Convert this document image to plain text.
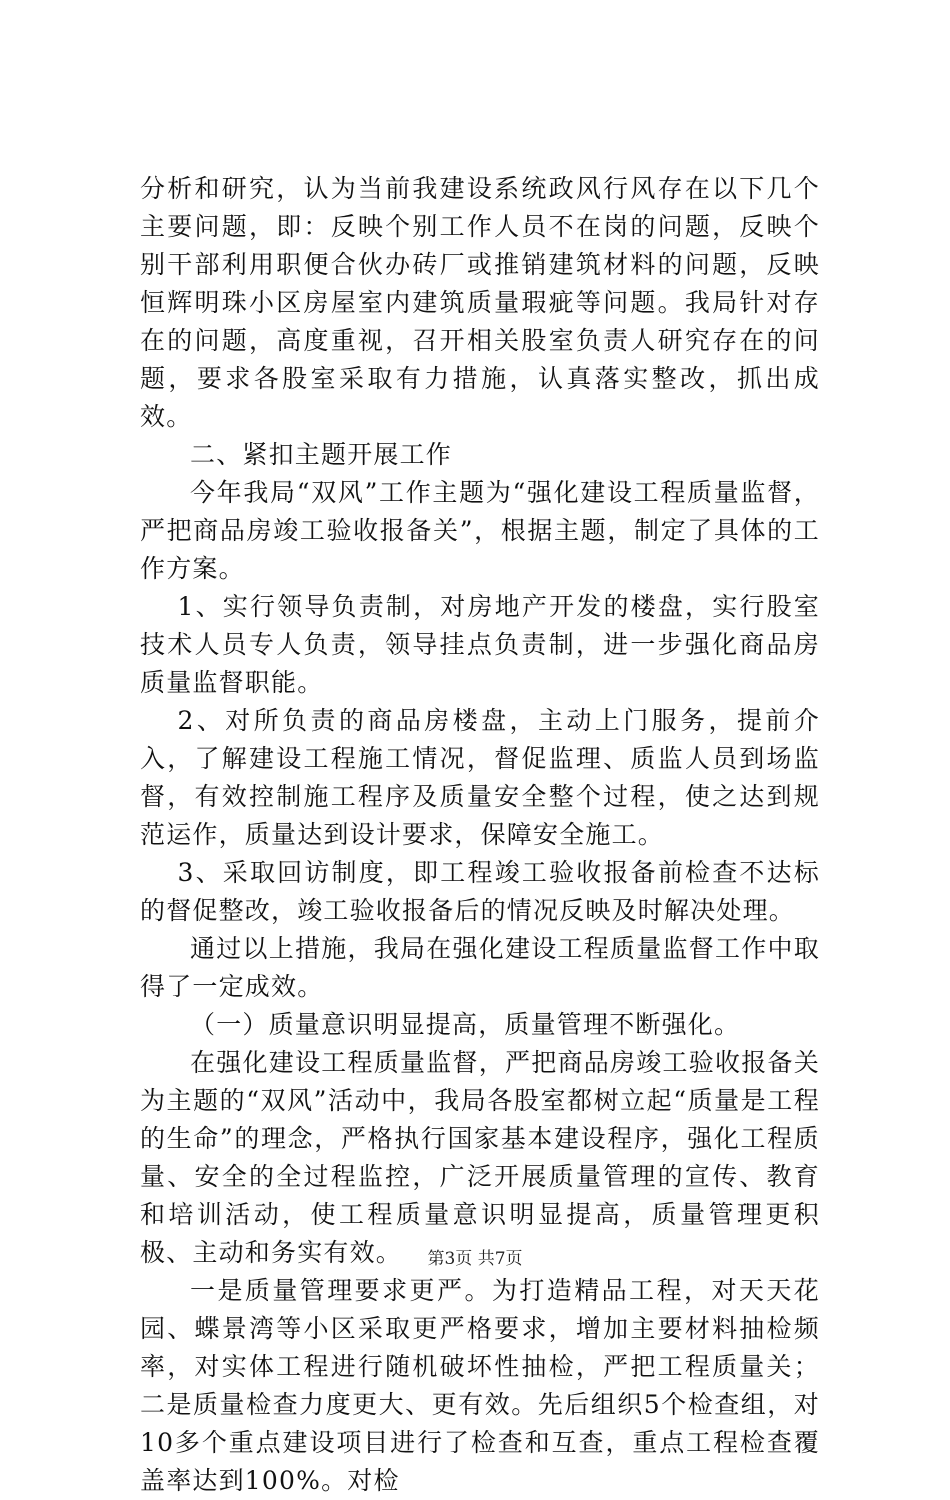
分析和研究，认为当前我建设系统政风行风存在以下几个主要问题，即：反映个别工作人员不在岗的问题，反映个别干部利用职便合伙办砖厂或推销建筑材料的问题，反映恒辉明珠小区房屋室内建筑质量瑕疵等问题。我局针对存在的问题，高度重视，召开相关股室负责人研究存在的问题，要求各股室采取有力措施，认真落实整改，抓出成效。

二、紧扣主题开展工作

今年我局“双风”工作主题为“强化建设工程质量监督，严把商品房竣工验收报备关”，根据主题，制定了具体的工作方案。

1、实行领导负责制，对房地产开发的楼盘，实行股室技术人员专人负责，领导挂点负责制，进一步强化商品房质量监督职能。

2、对所负责的商品房楼盘，主动上门服务，提前介入，了解建设工程施工情况，督促监理、质监人员到场监督，有效控制施工程序及质量安全整个过程，使之达到规范运作，质量达到设计要求，保障安全施工。

3、采取回访制度，即工程竣工验收报备前检查不达标的督促整改，竣工验收报备后的情况反映及时解决处理。

通过以上措施，我局在强化建设工程质量监督工作中取得了一定成效。

（一）质量意识明显提高，质量管理不断强化。

在强化建设工程质量监督，严把商品房竣工验收报备关为主题的“双风”活动中，我局各股室都树立起“质量是工程的生命”的理念，严格执行国家基本建设程序，强化工程质量、安全的全过程监控，广泛开展质量管理的宣传、教育和培训活动，使工程质量意识明显提高，质量管理更积极、主动和务实有效。

一是质量管理要求更严。为打造精品工程，对天天花园、蝶景湾等小区采取更严格要求，增加主要材料抽检频率，对实体工程进行随机破坏性抽检，严把工程质量关；二是质量检查力度更大、更有效。先后组织5个检查组，对10多个重点建设项目进行了检查和互查，重点工程检查覆盖率达到100%。对检

第3页 共7页
